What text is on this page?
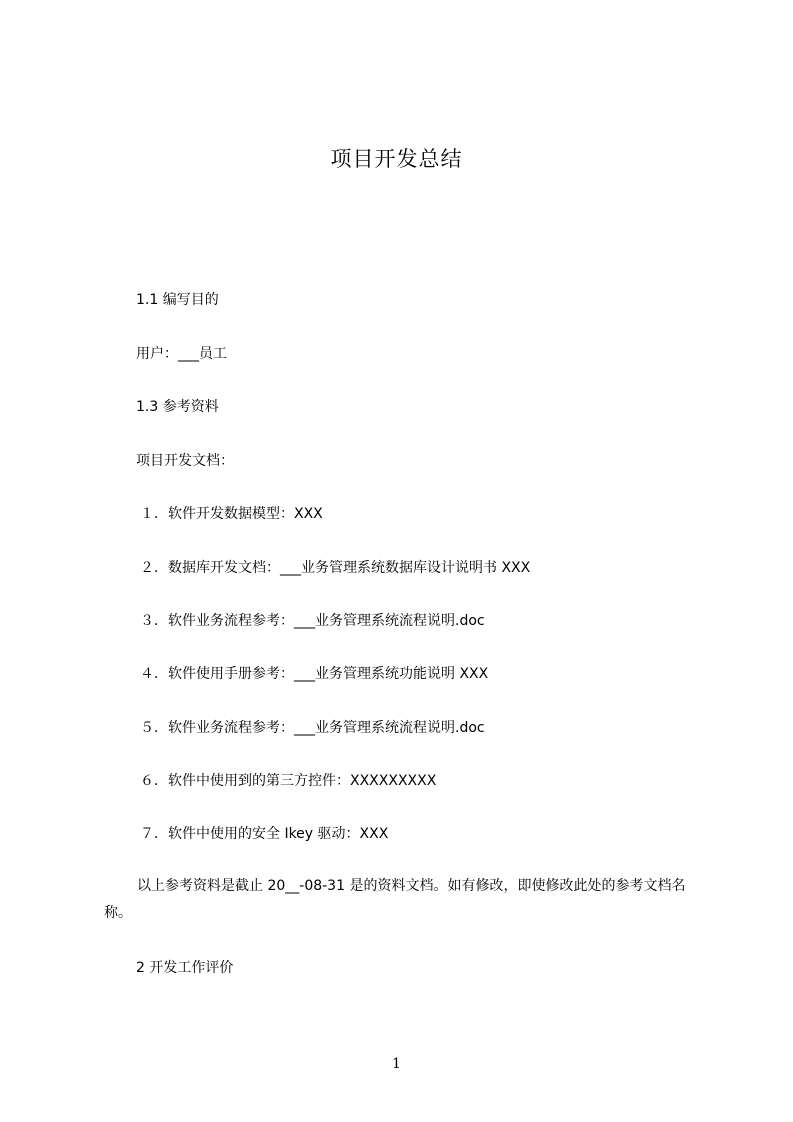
项目开发总结
1.1 编写目的
用户：___员工
1.3 参考资料
项目开发文档：
１．软件开发数据模型：XXX
２．数据库开发文档：___业务管理系统数据库设计说明书 XXX
３．软件业务流程参考：___业务管理系统流程说明.doc
４．软件使用手册参考：___业务管理系统功能说明 XXX
５．软件业务流程参考：___业务管理系统流程说明.doc
６．软件中使用到的第三方控件：XXXXXXXXX
７．软件中使用的安全 Ikey 驱动：XXX
以上参考资料是截止 20__-08-31 是的资料文档。如有修改，即使修改此处的参考文档名称。
2 开发工作评价
1
